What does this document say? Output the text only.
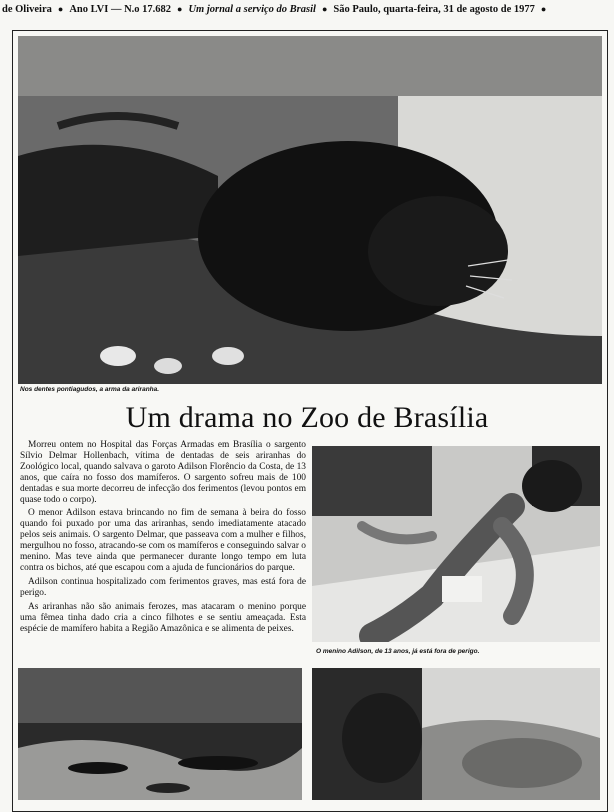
de Oliveira ● Ano LVI — N.o 17.682 ● Um jornal a serviço do Brasil ● São Paulo, quarta-feira, 31 de agosto de 1977 ●
Nos dentes pontiagudos, a arma da ariranha.
Um drama no Zoo de Brasília

Morreu ontem no Hospital das Forças Armadas em Brasília o sargento Sílvio Delmar Hollenbach, vítima de dentadas de seis ariranhas do Zoológico local, quando salvava o garoto Adilson Florêncio da Costa, de 13 anos, que caíra no fosso dos mamíferos. O sargento sofreu mais de 100 dentadas e sua morte decorreu de infecção dos ferimentos (levou pontos em quase todo o corpo).

O menor Adilson estava brincando no fim de semana à beira do fosso quando foi puxado por uma das ariranhas, sendo imediatamente atacado pelos seis animais. O sargento Delmar, que passeava com a mulher e filhos, mergulhou no fosso, atracando-se com os mamíferos e conseguindo salvar o menino. Mas teve ainda que permanecer durante longo tempo em luta contra os bichos, até que escapou com a ajuda de funcionários do parque.

Adilson continua hospitalizado com ferimentos graves, mas está fora de perigo.

As ariranhas não são animais ferozes, mas atacaram o menino porque uma fêmea tinha dado cria a cinco filhotes e se sentiu ameaçada. Esta espécie de mamífero habita a Região Amazônica e se alimenta de peixes.

O menino Adilson, de 13 anos, já está fora de perigo.
